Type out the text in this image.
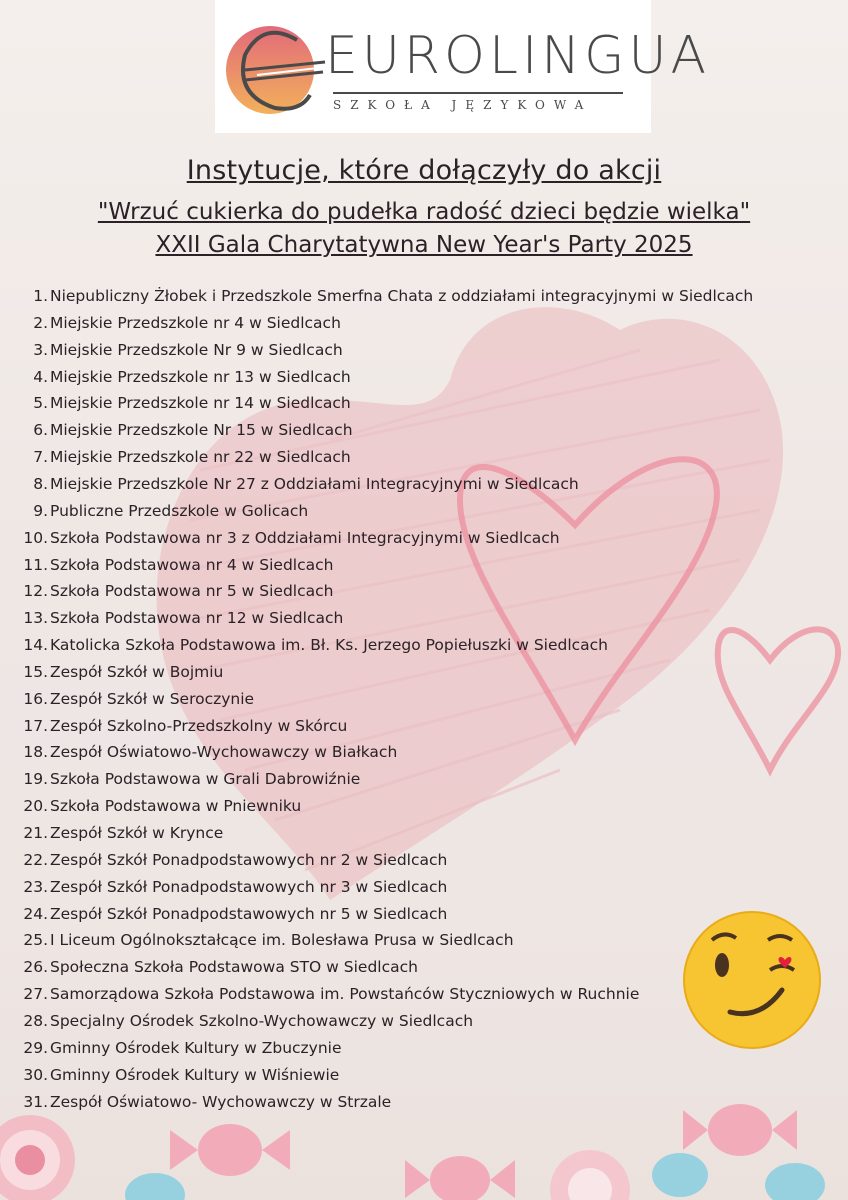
EUROLINGUA
SZKOŁA JĘZYKOWA
Instytucje, które dołączyły do akcji
"Wrzuć cukierka do pudełka radość dzieci będzie wielka"
XXII Gala Charytatywna New Year's Party 2025
1. Niepubliczny Żłobek i Przedszkole Smerfna Chata z oddziałami integracyjnymi w Siedlcach
2. Miejskie Przedszkole nr 4 w Siedlcach
3. Miejskie Przedszkole Nr 9 w Siedlcach
4. Miejskie Przedszkole nr 13 w Siedlcach
5. Miejskie Przedszkole nr 14 w Siedlcach
6. Miejskie Przedszkole Nr 15 w Siedlcach
7. Miejskie Przedszkole nr 22 w Siedlcach
8. Miejskie Przedszkole Nr 27 z Oddziałami Integracyjnymi w Siedlcach
9. Publiczne Przedszkole w Golicach
10. Szkoła Podstawowa nr 3 z Oddziałami Integracyjnymi w Siedlcach
11. Szkoła Podstawowa nr 4 w Siedlcach
12. Szkoła Podstawowa nr 5 w Siedlcach
13. Szkoła Podstawowa nr 12 w Siedlcach
14. Katolicka Szkoła Podstawowa im. Bł. Ks. Jerzego Popiełuszki w Siedlcach
15. Zespół Szkół w Bojmiu
16. Zespół Szkół w Seroczynie
17. Zespół Szkolno-Przedszkolny w Skórcu
18. Zespół Oświatowo-Wychowawczy w Białkach
19. Szkoła Podstawowa w Grali Dabrowiźnie
20. Szkoła Podstawowa w Pniewniku
21. Zespół Szkół w Krynce
22. Zespół Szkół Ponadpodstawowych nr 2 w Siedlcach
23. Zespół Szkół Ponadpodstawowych nr 3 w Siedlcach
24. Zespół Szkół Ponadpodstawowych nr 5 w Siedlcach
25. I Liceum Ogólnokształcące im. Bolesława Prusa w Siedlcach
26. Społeczna Szkoła Podstawowa STO w Siedlcach
27. Samorządowa Szkoła Podstawowa im. Powstańców Styczniowych w Ruchnie
28. Specjalny Ośrodek Szkolno-Wychowawczy w Siedlcach
29. Gminny Ośrodek Kultury w Zbuczynie
30. Gminny Ośrodek Kultury w Wiśniewie
31. Zespół Oświatowo- Wychowawczy w Strzale
